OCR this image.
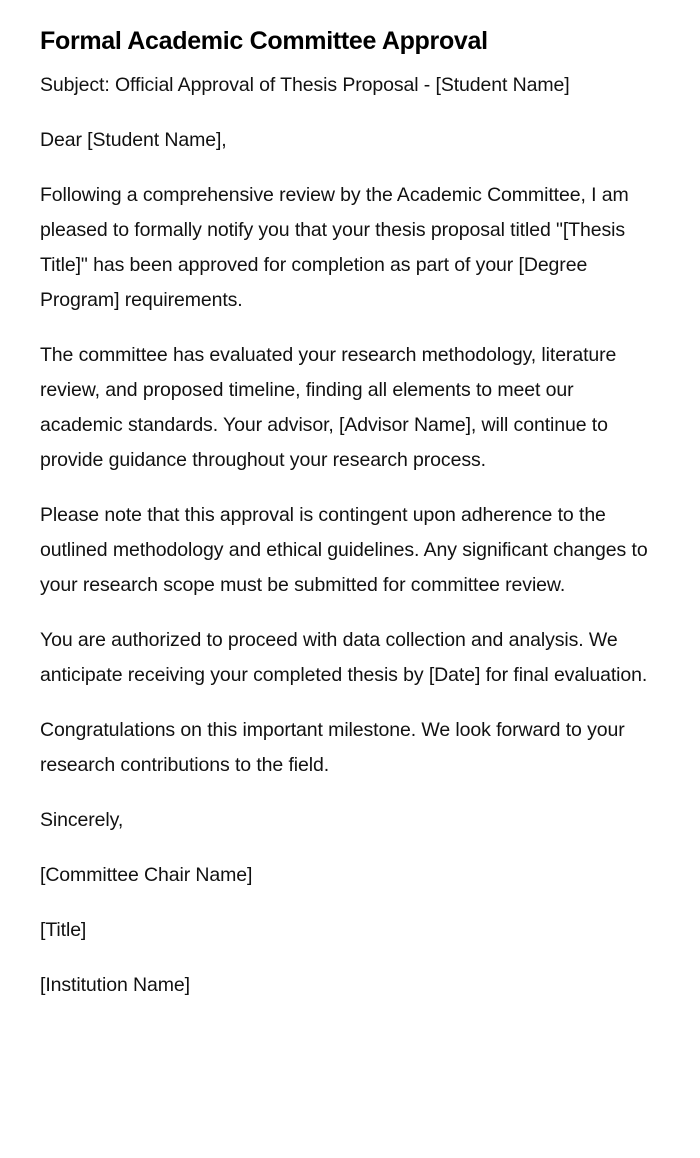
Formal Academic Committee Approval

Subject: Official Approval of Thesis Proposal - [Student Name]

Dear [Student Name],

Following a comprehensive review by the Academic Committee, I am pleased to formally notify you that your thesis proposal titled "[Thesis Title]" has been approved for completion as part of your [Degree Program] requirements.

The committee has evaluated your research methodology, literature review, and proposed timeline, finding all elements to meet our academic standards. Your advisor, [Advisor Name], will continue to provide guidance throughout your research process.

Please note that this approval is contingent upon adherence to the outlined methodology and ethical guidelines. Any significant changes to your research scope must be submitted for committee review.

You are authorized to proceed with data collection and analysis. We anticipate receiving your completed thesis by [Date] for final evaluation.

Congratulations on this important milestone. We look forward to your research contributions to the field.

Sincerely,

[Committee Chair Name]

[Title]

[Institution Name]
